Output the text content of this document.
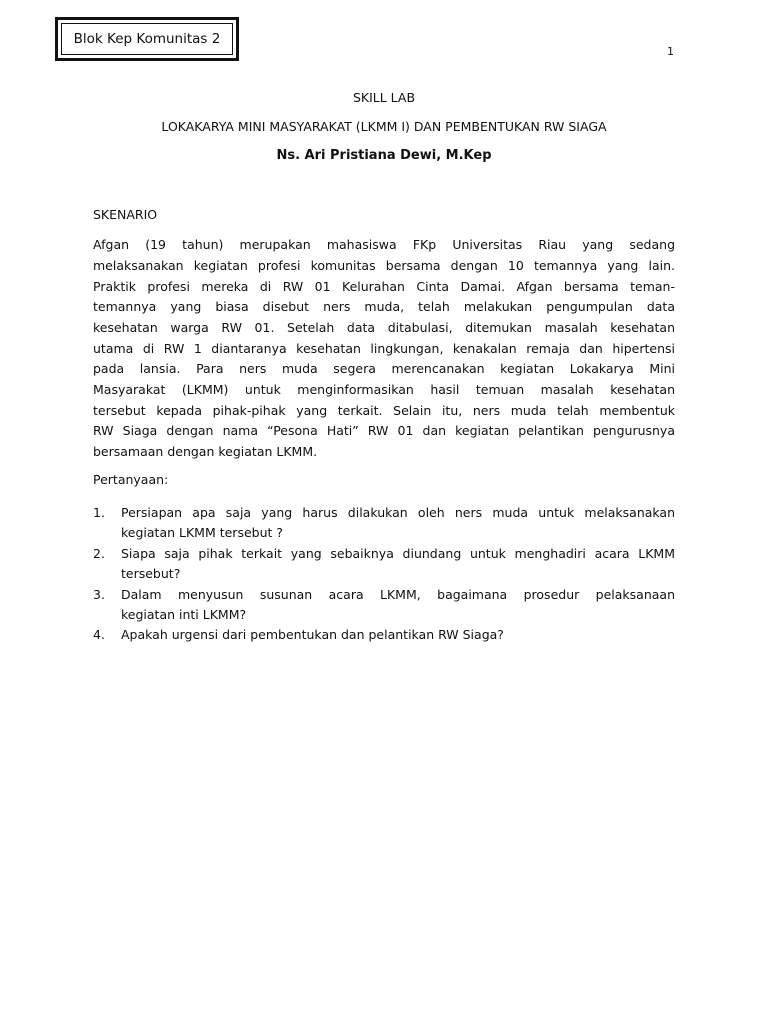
Blok Kep Komunitas 2
1
SKILL LAB
LOKAKARYA MINI MASYARAKAT (LKMM I) DAN PEMBENTUKAN RW SIAGA
Ns. Ari Pristiana Dewi, M.Kep
SKENARIO
Afgan (19 tahun) merupakan mahasiswa FKp Universitas Riau yang sedang
melaksanakan kegiatan profesi komunitas bersama dengan 10 temannya yang lain.
Praktik profesi mereka di RW 01 Kelurahan Cinta Damai. Afgan bersama teman-
temannya yang biasa disebut ners muda, telah melakukan pengumpulan data
kesehatan warga RW 01. Setelah data ditabulasi, ditemukan masalah kesehatan
utama di RW 1 diantaranya kesehatan lingkungan, kenakalan remaja dan hipertensi
pada lansia. Para ners muda segera merencanakan kegiatan Lokakarya Mini
Masyarakat (LKMM) untuk menginformasikan hasil temuan masalah kesehatan
tersebut kepada pihak-pihak yang terkait. Selain itu, ners muda telah membentuk
RW Siaga dengan nama “Pesona Hati” RW 01 dan kegiatan pelantikan pengurusnya
bersamaan dengan kegiatan LKMM.
Pertanyaan:
1. Persiapan apa saja yang harus dilakukan oleh ners muda untuk melaksanakan
kegiatan LKMM tersebut ?
2. Siapa saja pihak terkait yang sebaiknya diundang untuk menghadiri acara LKMM
tersebut?
3. Dalam menyusun susunan acara LKMM, bagaimana prosedur pelaksanaan
kegiatan inti LKMM?
4. Apakah urgensi dari pembentukan dan pelantikan RW Siaga?
